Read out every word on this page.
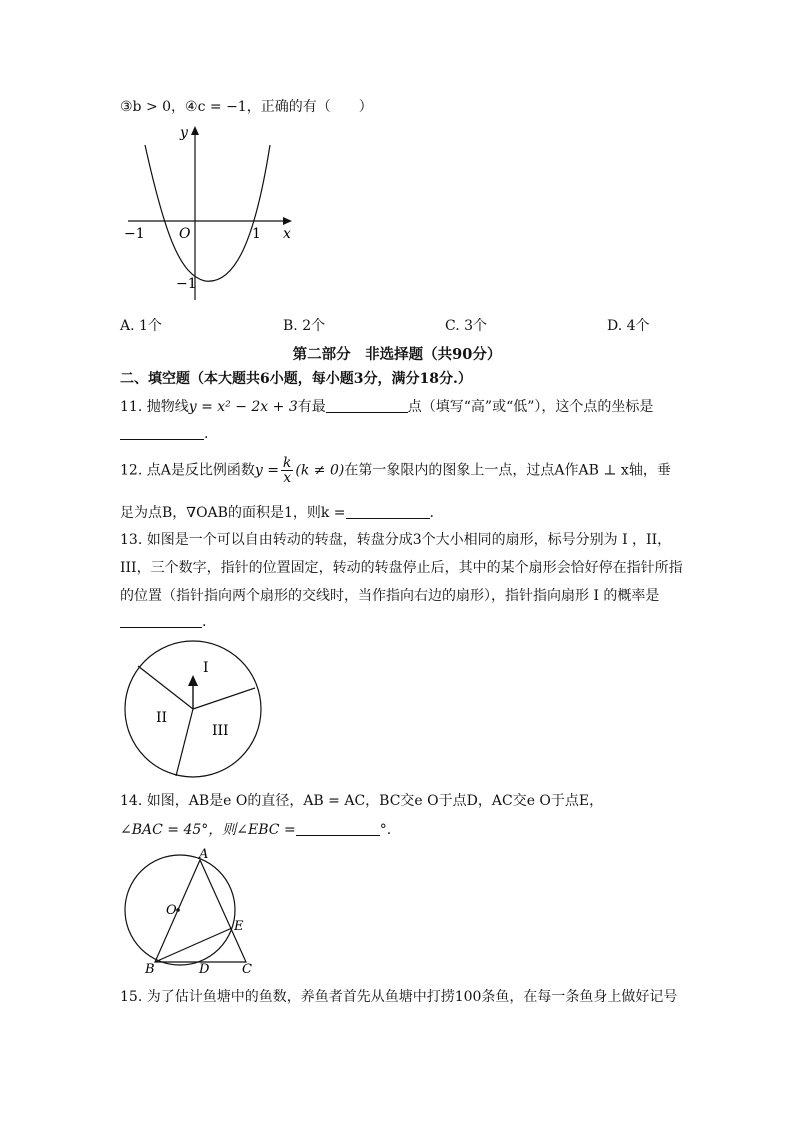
③b > 0，④c = −1，正确的有（　　）
y
x
O
−1	1
−1
A. 1个	B. 2个	C. 3个	D. 4个
第二部分　非选择题（共90分）
二、填空题（本大题共6小题，每小题3分，满分18分.）
11. 抛物线y = x² − 2x + 3有最	点（填写“高”或“低”），这个点的坐标是
.
12. 点A是反比例函数$y = \frac{k}{x} (k \ne 0)$在第一象限内的图象上一点，过点A作AB ⊥ x轴，垂
足为点B，∇OAB的面积是1，则k =	.
13. 如图是一个可以自由转动的转盘，转盘分成3个大小相同的扇形，标号分别为 I ，II，
III，三个数字，指针的位置固定，转动的转盘停止后，其中的某个扇形会恰好停在指针所指
的位置（指针指向两个扇形的交线时，当作指向右边的扇形），指针指向扇形 I 的概率是
.
I
II
III
14. 如图，AB是e O的直径，AB = AC，BC交e O于点D，AC交e O于点E，
∠BAC = 45°，则∠EBC =	°.
A
O
E
B	D	C
15. 为了估计鱼塘中的鱼数，养鱼者首先从鱼塘中打捞100条鱼，在每一条鱼身上做好记号
